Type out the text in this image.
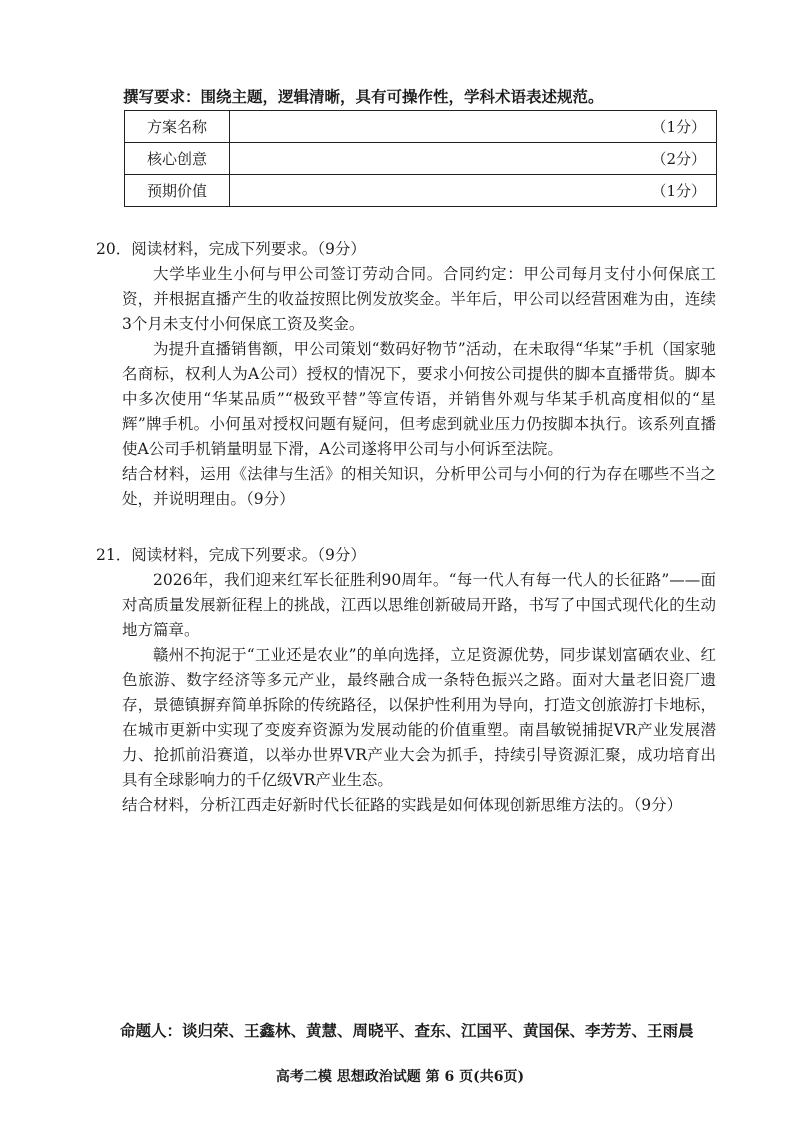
撰写要求：围绕主题，逻辑清晰，具有可操作性，学科术语表述规范。
方案名称	（1分）
核心创意	（2分）
预期价值	（1分）
20．阅读材料，完成下列要求。（9分）

大学毕业生小何与甲公司签订劳动合同。合同约定：甲公司每月支付小何保底工资，并根据直播产生的收益按照比例发放奖金。半年后，甲公司以经营困难为由，连续3个月未支付小何保底工资及奖金。

为提升直播销售额，甲公司策划“数码好物节”活动，在未取得“华某”手机（国家驰名商标，权利人为A公司）授权的情况下，要求小何按公司提供的脚本直播带货。脚本中多次使用“华某品质”“极致平替”等宣传语，并销售外观与华某手机高度相似的“星辉”牌手机。小何虽对授权问题有疑问，但考虑到就业压力仍按脚本执行。该系列直播使A公司手机销量明显下滑，A公司遂将甲公司与小何诉至法院。

结合材料，运用《法律与生活》的相关知识，分析甲公司与小何的行为存在哪些不当之处，并说明理由。（9分）

21．阅读材料，完成下列要求。（9分）

2026年，我们迎来红军长征胜利90周年。“每一代人有每一代人的长征路”——面对高质量发展新征程上的挑战，江西以思维创新破局开路，书写了中国式现代化的生动地方篇章。

赣州不拘泥于“工业还是农业”的单向选择，立足资源优势，同步谋划富硒农业、红色旅游、数字经济等多元产业，最终融合成一条特色振兴之路。面对大量老旧瓷厂遗存，景德镇摒弃简单拆除的传统路径，以保护性利用为导向，打造文创旅游打卡地标，在城市更新中实现了变废弃资源为发展动能的价值重塑。南昌敏锐捕捉VR产业发展潜力、抢抓前沿赛道，以举办世界VR产业大会为抓手，持续引导资源汇聚，成功培育出具有全球影响力的千亿级VR产业生态。

结合材料，分析江西走好新时代长征路的实践是如何体现创新思维方法的。（9分）

命题人：谈归荣、王鑫林、黄慧、周晓平、查东、江国平、黄国保、李芳芳、王雨晨
高考二模 思想政治试题 第 6 页(共6页)
